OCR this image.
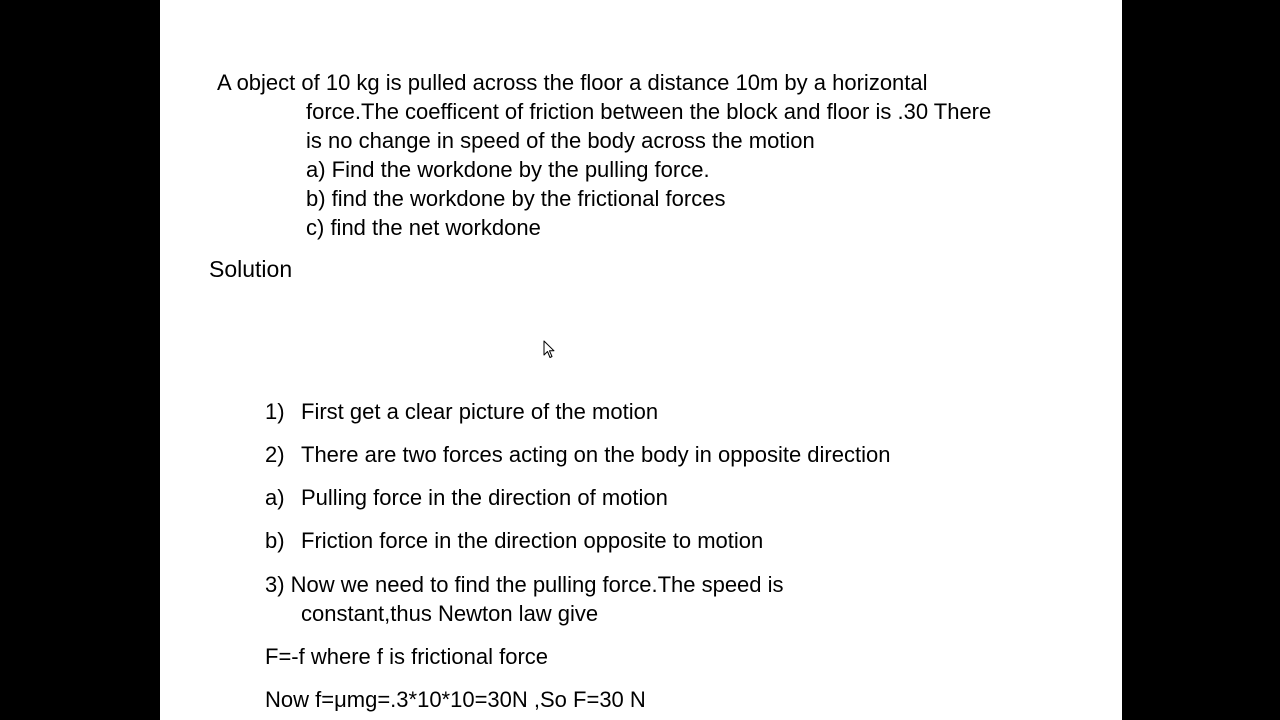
A object of 10 kg is pulled across the floor a distance 10m by a horizontal
force.The coefficent of friction between the block and floor is .30 There
is no change in speed of the body across the motion
a) Find the workdone by the pulling force.
b) find the workdone by the frictional forces
c) find the net workdone
Solution
1) First get a clear picture of the motion
2) There are two forces acting on the body in opposite direction
a) Pulling force in the direction of motion
b) Friction force in the direction opposite to motion
3) Now we need to find the pulling force.The speed is
constant,thus Newton law give
F=-f where f is frictional force
Now f=μmg=.3*10*10=30N ,So F=30 N
